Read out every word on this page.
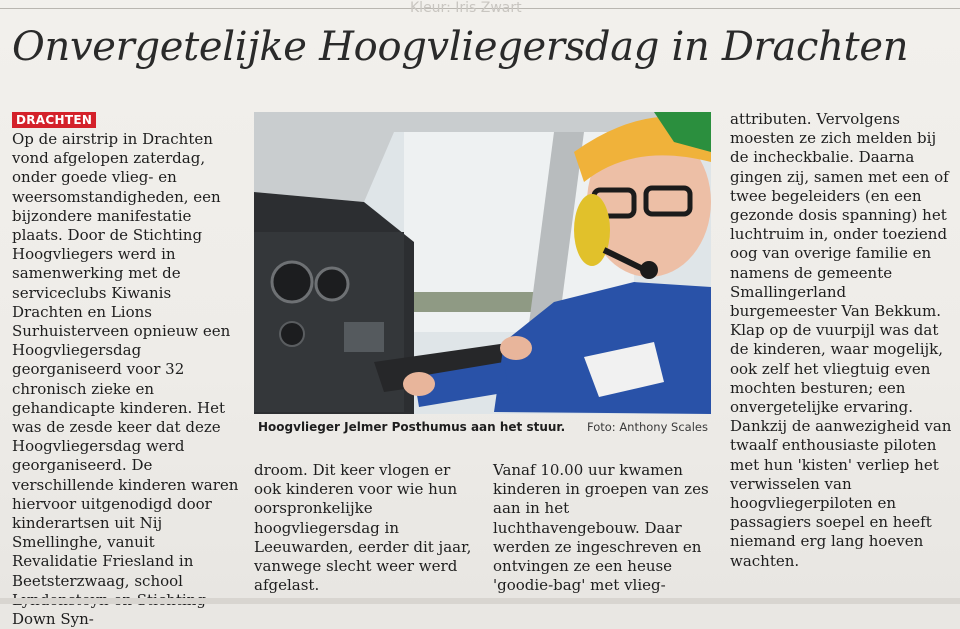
Kleur: Iris Zwart
Onvergetelijke Hoogvliegersdag in Drachten
DRACHTEN

Op de airstrip in Drachten vond afgelopen zaterdag, onder goede vlieg- en weersomstandigheden, een bijzondere manifestatie plaats. Door de Stichting Hoogvliegers werd in samenwerking met de serviceclubs Kiwanis Drachten en Lions Surhuisterveen opnieuw een Hoogvliegersdag georganiseerd voor 32 chronisch zieke en gehandicapte kinderen. Het was de zesde keer dat deze Hoogvliegersdag werd georganiseerd. De verschillende kinderen waren hiervoor uitgenodigd door kinderartsen uit Nij Smellinghe, vanuit Revalidatie Friesland in Beetsterzwaag, school Down Syn-

Hoogvlieger Jelmer Posthumus aan het stuur. Foto: Anthony Scales

droom. Dit keer vlogen er ook kinderen voor wie hun oorspronkelijke hoogvliegersdag in Leeuwarden, eerder dit jaar, vanwege slecht weer werd afgelast.

Vanaf 10.00 uur kwamen kinderen in groepen van zes aan in het luchthavengebouw. Daar werden ze ingeschreven en ontvingen ze een heuse 'goodie-bag' met vlieg-

attributen. Vervolgens moesten ze zich melden bij de incheckbalie. Daarna gingen zij, samen met een of twee begeleiders (en een gezonde dosis spanning) het luchtruim in, onder toeziend oog van overige familie en namens de gemeente Smallingerland burgemeester Van Bekkum. Klap op de vuurpijl was dat de kinderen, waar mogelijk, ook zelf het vliegtuig even mochten besturen; een onvergetelijke ervaring. Dankzij de aanwezigheid van twaalf enthousiaste piloten met hun 'kisten' verliep het verwisselen van hoogvliegerpiloten en passagiers soepel en heeft niemand erg lang hoeven wachten.
